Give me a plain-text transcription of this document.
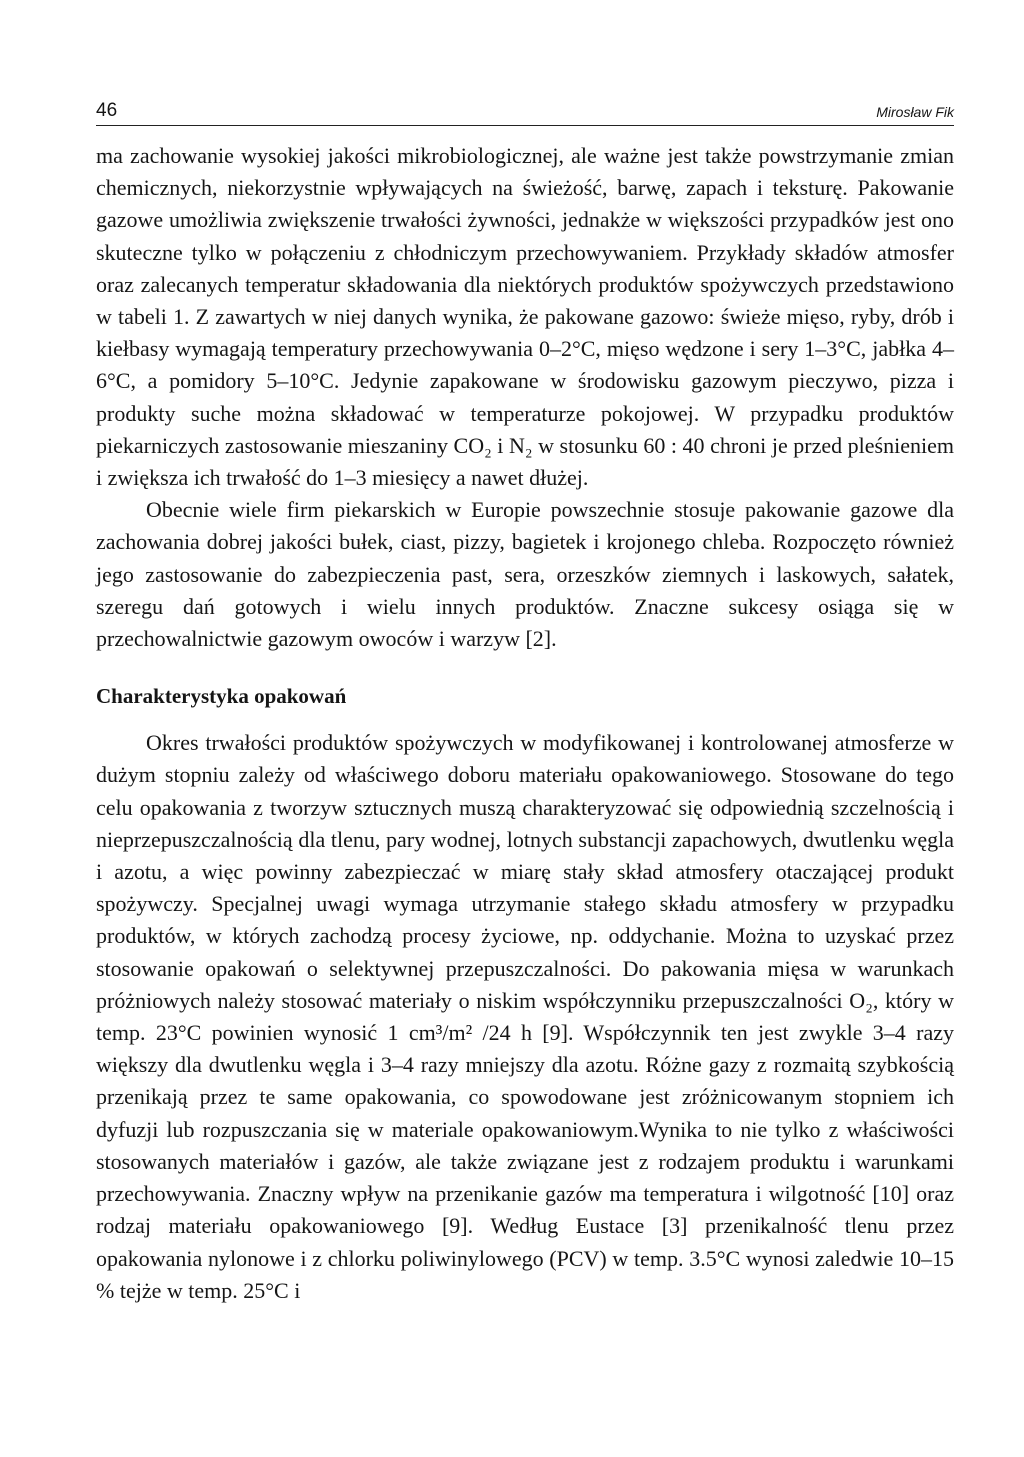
46	Mirosław Fik

ma zachowanie wysokiej jakości mikrobiologicznej, ale ważne jest także powstrzymanie zmian chemicznych, niekorzystnie wpływających na świeżość, barwę, zapach i teksturę. Pakowanie gazowe umożliwia zwiększenie trwałości żywności, jednakże w większości przypadków jest ono skuteczne tylko w połączeniu z chłodniczym przechowywaniem. Przykłady składów atmosfer oraz zalecanych temperatur składowania dla niektórych produktów spożywczych przedstawiono w tabeli 1. Z zawartych w niej danych wynika, że pakowane gazowo: świeże mięso, ryby, drób i kiełbasy wymagają temperatury przechowywania 0–2°C, mięso wędzone i sery 1–3°C, jabłka 4–6°C, a pomidory 5–10°C. Jedynie zapakowane w środowisku gazowym pieczywo, pizza i produkty suche można składować w temperaturze pokojowej. W przypadku produktów piekarniczych zastosowanie mieszaniny CO₂ i N₂ w stosunku 60 : 40 chroni je przed pleśnieniem i zwiększa ich trwałość do 1–3 miesięcy a nawet dłużej.

Obecnie wiele firm piekarskich w Europie powszechnie stosuje pakowanie gazowe dla zachowania dobrej jakości bułek, ciast, pizzy, bagietek i krojonego chleba. Rozpoczęto również jego zastosowanie do zabezpieczenia past, sera, orzeszków ziemnych i laskowych, sałatek, szeregu dań gotowych i wielu innych produktów. Znaczne sukcesy osiąga się w przechowalnictwie gazowym owoców i warzyw [2].

Charakterystyka opakowań

Okres trwałości produktów spożywczych w modyfikowanej i kontrolowanej atmosferze w dużym stopniu zależy od właściwego doboru materiału opakowaniowego. Stosowane do tego celu opakowania z tworzyw sztucznych muszą charakteryzować się odpowiednią szczelnością i nieprzepuszczalnością dla tlenu, pary wodnej, lotnych substancji zapachowych, dwutlenku węgla i azotu, a więc powinny zabezpieczać w miarę stały skład atmosfery otaczającej produkt spożywczy. Specjalnej uwagi wymaga utrzymanie stałego składu atmosfery w przypadku produktów, w których zachodzą procesy życiowe, np. oddychanie. Można to uzyskać przez stosowanie opakowań o selektywnej przepuszczalności. Do pakowania mięsa w warunkach próżniowych należy stosować materiały o niskim współczynniku przepuszczalności O₂, który w temp. 23°C powinien wynosić 1 cm³/m² /24 h [9]. Współczynnik ten jest zwykle 3–4 razy większy dla dwutlenku węgla i 3–4 razy mniejszy dla azotu. Różne gazy z rozmaitą szybkością przenikają przez te same opakowania, co spowodowane jest zróżnicowanym stopniem ich dyfuzji lub rozpuszczania się w materiale opakowaniowym.Wynika to nie tylko z właściwości stosowanych materiałów i gazów, ale także związane jest z rodzajem produktu i warunkami przechowywania. Znaczny wpływ na przenikanie gazów ma temperatura i wilgotność [10] oraz rodzaj materiału opakowaniowego [9]. Według Eustace [3] przenikalność tlenu przez opakowania nylonowe i z chlorku poliwinylowego (PCV) w temp. 3.5°C wynosi zaledwie 10–15 % tejże w temp. 25°C i
